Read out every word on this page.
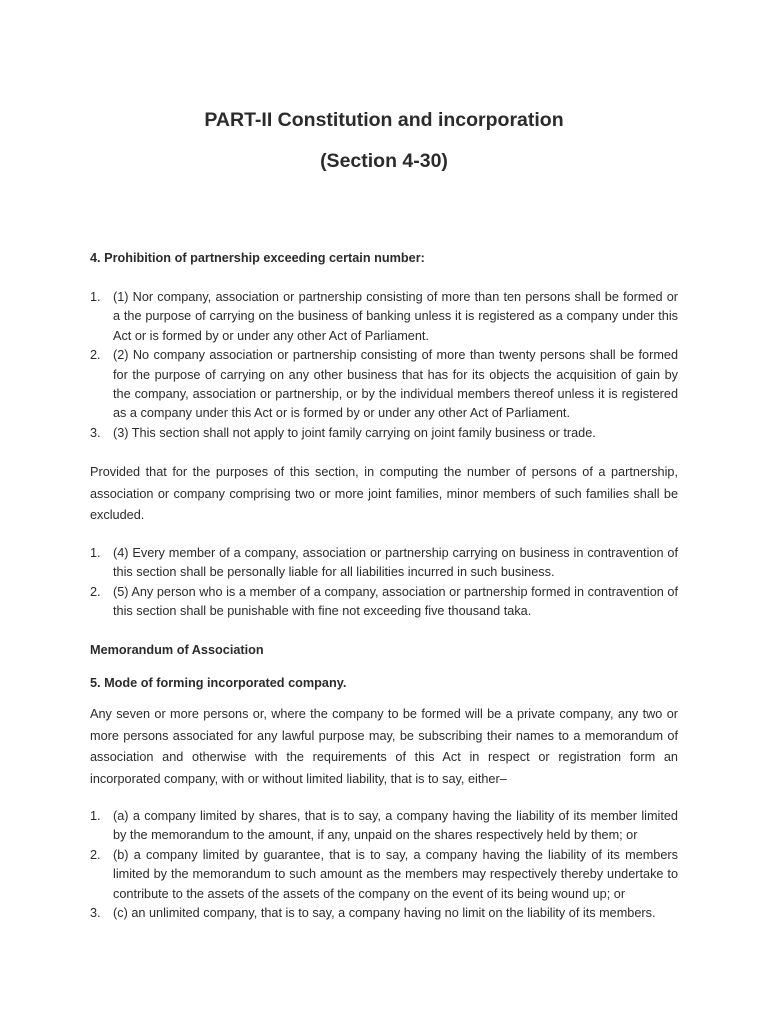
PART-II Constitution and incorporation
(Section 4-30)

4. Prohibition of partnership exceeding certain number:

1. (1) Nor company, association or partnership consisting of more than ten persons shall be formed or a the purpose of carrying on the business of banking unless it is registered as a company under this Act or is formed by or under any other Act of Parliament.
2. (2) No company association or partnership consisting of more than twenty persons shall be formed for the purpose of carrying on any other business that has for its objects the acquisition of gain by the company, association or partnership, or by the individual members thereof unless it is registered as a company under this Act or is formed by or under any other Act of Parliament.
3. (3) This section shall not apply to joint family carrying on joint family business or trade.

Provided that for the purposes of this section, in computing the number of persons of a partnership, association or company comprising two or more joint families, minor members of such families shall be excluded.

1. (4) Every member of a company, association or partnership carrying on business in contravention of this section shall be personally liable for all liabilities incurred in such business.
2. (5) Any person who is a member of a company, association or partnership formed in contravention of this section shall be punishable with fine not exceeding five thousand taka.

Memorandum of Association

5. Mode of forming incorporated company.

Any seven or more persons or, where the company to be formed will be a private company, any two or more persons associated for any lawful purpose may, be subscribing their names to a memorandum of association and otherwise with the requirements of this Act in respect or registration form an incorporated company, with or without limited liability, that is to say, either–

1. (a) a company limited by shares, that is to say, a company having the liability of its member limited by the memorandum to the amount, if any, unpaid on the shares respectively held by them; or
2. (b) a company limited by guarantee, that is to say, a company having the liability of its members limited by the memorandum to such amount as the members may respectively thereby undertake to contribute to the assets of the assets of the company on the event of its being wound up; or
3. (c) an unlimited company, that is to say, a company having no limit on the liability of its members.
